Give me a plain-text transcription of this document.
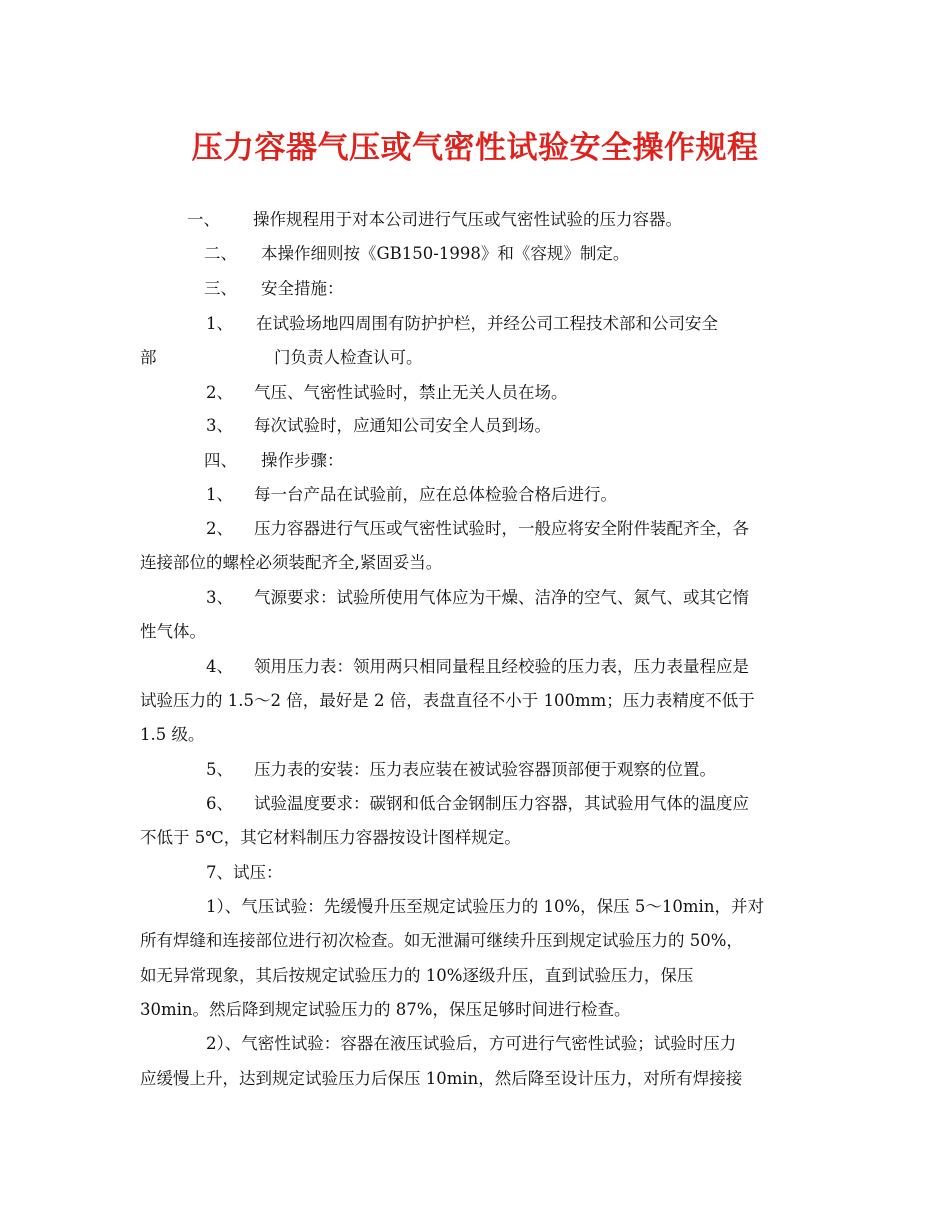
压力容器气压或气密性试验安全操作规程
一、 操作规程用于对本公司进行气压或气密性试验的压力容器。
二、 本操作细则按《GB150-1998》和《容规》制定。
三、 安全措施：
1、 在试验场地四周围有防护护栏，并经公司工程技术部和公司安全
部	门负责人检查认可。
2、 气压、气密性试验时，禁止无关人员在场。
3、 每次试验时，应通知公司安全人员到场。
四、 操作步骤：
1、 每一台产品在试验前，应在总体检验合格后进行。
2、 压力容器进行气压或气密性试验时，一般应将安全附件装配齐全，各
连接部位的螺栓必须装配齐全,紧固妥当。
3、 气源要求：试验所使用气体应为干燥、洁净的空气、氮气、或其它惰
性气体。
4、 领用压力表：领用两只相同量程且经校验的压力表，压力表量程应是
试验压力的 1.5～2 倍，最好是 2 倍，表盘直径不小于 100mm；压力表精度不低于
1.5 级。
5、 压力表的安装：压力表应装在被试验容器顶部便于观察的位置。
6、 试验温度要求：碳钢和低合金钢制压力容器，其试验用气体的温度应
不低于 5℃，其它材料制压力容器按设计图样规定。
7、试压：
1）、气压试验：先缓慢升压至规定试验压力的 10%，保压 5～10min，并对
所有焊缝和连接部位进行初次检查。如无泄漏可继续升压到规定试验压力的 50%，
如无异常现象，其后按规定试验压力的 10%逐级升压，直到试验压力，保压
30min。然后降到规定试验压力的 87%，保压足够时间进行检查。
2）、气密性试验：容器在液压试验后，方可进行气密性试验；试验时压力
应缓慢上升，达到规定试验压力后保压 10min，然后降至设计压力，对所有焊接接
